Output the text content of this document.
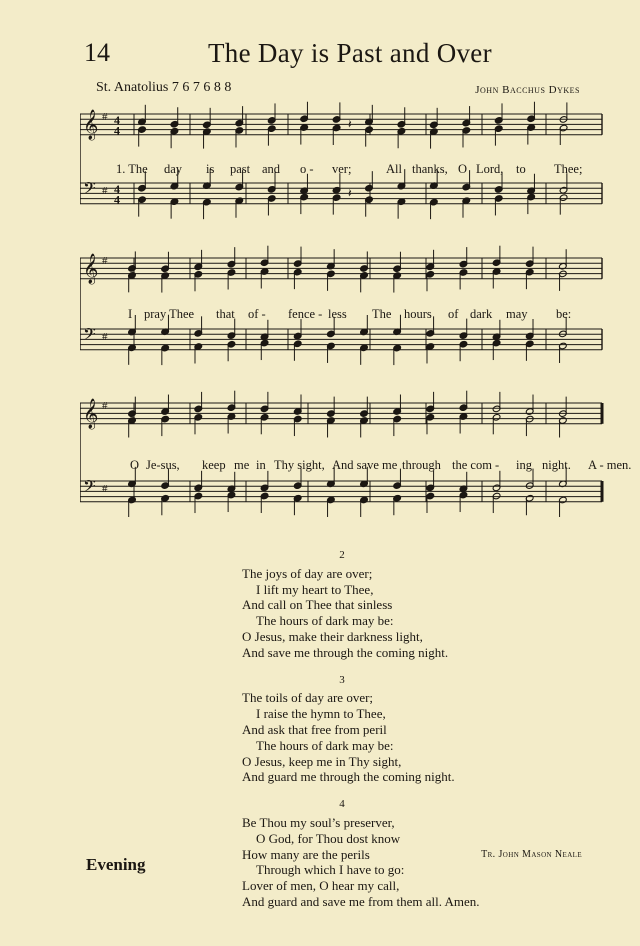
14	The Day is Past and Over
St. Anatolius 7 6 7 6 8 8	John Bacchus Dykes
𝄞
𝄢
#
#
4
4
4
4
𝄽
𝄽
𝄞
𝄢
#
#
𝄞
𝄢
#
#
1. The day is past and o - ver;	All thanks, O Lord, to Thee;
I pray Thee that of - fence - less The hours of dark may be:
O Je-sus, keep me in Thy sight, And save me through the com - ing night. A - men.
2
The joys of day are over;
I lift my heart to Thee,
And call on Thee that sinless
The hours of dark may be:
O Jesus, make their darkness light,
And save me through the coming night.
3
The toils of day are over;
I raise the hymn to Thee,
And ask that free from peril
The hours of dark may be:
O Jesus, keep me in Thy sight,
And guard me through the coming night.
4
Be Thou my soul’s preserver,
O God, for Thou dost know
How many are the perils
Through which I have to go:
Lover of men, O hear my call,
And guard and save me from them all. Amen.
Tr. John Mason Neale
Evening
